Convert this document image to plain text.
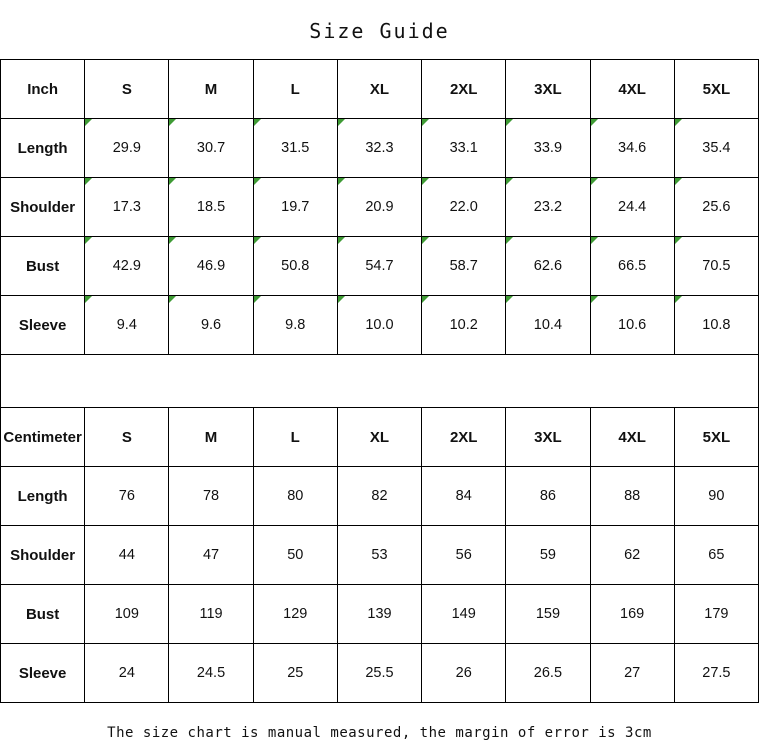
Size Guide
Inch	S	M	L	XL	2XL	3XL	4XL	5XL
Length	29.9	30.7	31.5	32.3	33.1	33.9	34.6	35.4
Shoulder	17.3	18.5	19.7	20.9	22.0	23.2	24.4	25.6
Bust	42.9	46.9	50.8	54.7	58.7	62.6	66.5	70.5
Sleeve	9.4	9.6	9.8	10.0	10.2	10.4	10.6	10.8
Centimeter	S	M	L	XL	2XL	3XL	4XL	5XL
Length	76	78	80	82	84	86	88	90
Shoulder	44	47	50	53	56	59	62	65
Bust	109	119	129	139	149	159	169	179
Sleeve	24	24.5	25	25.5	26	26.5	27	27.5
The size chart is manual measured, the margin of error is 3cm
